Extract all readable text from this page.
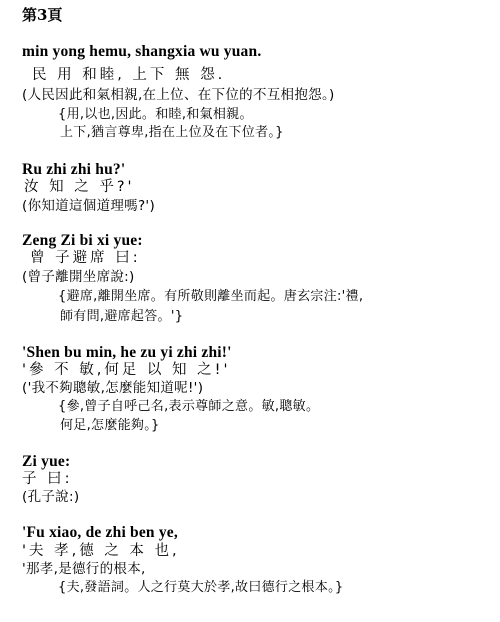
第3頁
min yong hemu, shangxia wu yuan.
民 用 和睦, 上下 無 怨.
(人民因此和氣相親,在上位、在下位的不互相抱怨。)
{用,以也,因此。和睦,和氣相親。
上下,猶言尊卑,指在上位及在下位者。}
Ru zhi zhi hu?'
汝 知 之 乎?'
(你知道這個道理嗎?')
Zeng Zi bi xi yue:
曾 子避席 曰:
(曾子離開坐席說:)
{避席,離開坐席。有所敬則離坐而起。唐玄宗注:'禮,
師有問,避席起答。'}
'Shen bu min, he zu yi zhi zhi!'
'參 不 敏,何足 以 知 之!'
('我不夠聰敏,怎麼能知道呢!')
{參,曾子自呼己名,表示尊師之意。敏,聰敏。
何足,怎麼能夠。}
Zi yue:
子 曰:
(孔子說:)
'Fu xiao, de zhi ben ye,
'夫 孝,德 之 本 也,
'那孝,是德行的根本,
{夫,發語詞。人之行莫大於孝,故曰德行之根本。}
